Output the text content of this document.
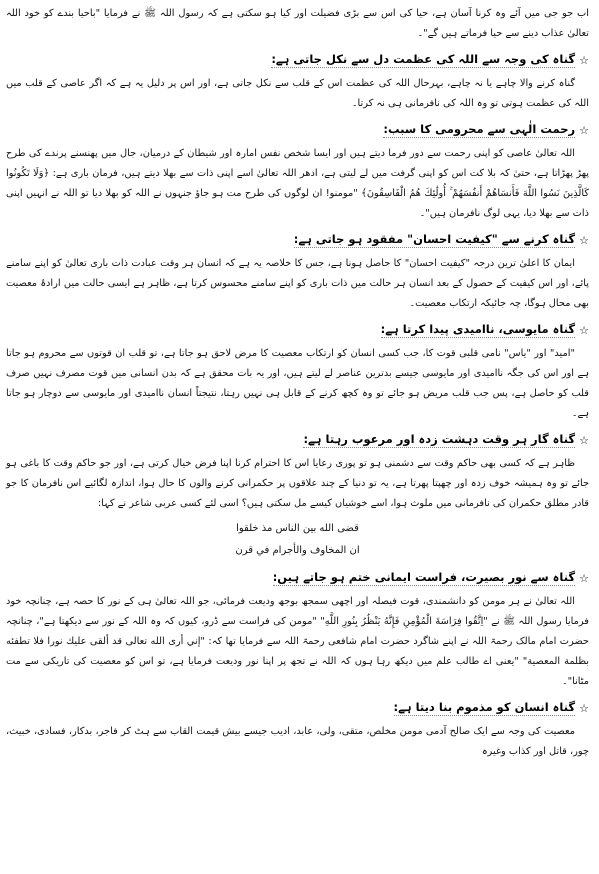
اب جو جی میں آئے وہ کرنا آسان ہے، حیا کی اس سے بڑی فضیلت اور کیا ہو سکتی ہے کہ رسول اللہ ﷺ نے فرمایا "باحیا بندے کو خود اللہ تعالیٰ عذاب دینے سے حیا فرماتے ہیں گے"۔

☆
گناہ کی وجہ سے اللہ کی عظمت دل سے نکل جاتی ہے:

گناہ کرنے والا چاہے یا نہ چاہے، بہرحال اللہ کی عظمت اس کے قلب سے نکل جاتی ہے، اور اس پر دلیل یہ ہے کہ اگر عاصی کے قلب میں اللہ کی عظمت ہوتی تو وہ اللہ کی نافرمانی ہی نہ کرتا۔

☆
رحمت الٰہی سے محرومی کا سبب:

اللہ تعالیٰ عاصی کو اپنی رحمت سے دور فرما دیتے ہیں اور ایسا شخص نفس امارہ اور شیطان کے درمیان، جال میں پھنسنے پرندے کی طرح پھڑ پھڑاتا ہے، حتیٰ کہ بلا کت اس کو اپنی گرفت میں لے لیتی ہے، ادھر اللہ تعالیٰ اسے اپنی ذات سے بھلا دیتے ہیں، فرمان باری ہے: ﴿وَلَا تَكُونُوا كَالَّذِينَ نَسُوا اللَّهَ فَأَنسَاهُمْ أَنفُسَهُمْ ۚ أُولَٰئِكَ هُمُ الْفَاسِقُونَ﴾ "مومنو! ان لوگوں کی طرح مت ہو جاؤ جنہوں نے اللہ کو بھلا دیا تو اللہ نے انہیں اپنی ذات سے بھلا دیا، یہی لوگ نافرمان ہیں"۔

☆
گناہ کرنے سے "کیفیت احسان" مفقود ہو جاتی ہے:

ایمان کا اعلیٰ ترین درجہ "کیفیت احسان" کا حاصل ہونا ہے، جس کا خلاصہ یہ ہے کہ انسان ہر وقت عبادت ذات باری تعالیٰ کو اپنے سامنے پائے، اور اس کیفیت کے حصول کے بعد انسان ہر حالت میں ذات باری کو اپنے سامنے محسوس کرتا ہے، ظاہر ہے ایسی حالت میں ارادۂ معصیت بھی محال ہوگا، چہ جائیکہ ارتکاب معصیت۔

☆
گناہ مایوسی، ناامیدی پیدا کرتا ہے:

"امید" اور "یاس" نامی قلبی قوت کا، جب کسی انسان کو ارتکاب معصیت کا مرض لاحق ہو جاتا ہے، تو قلب ان قوتوں سے محروم ہو جاتا ہے اور اس کی جگہ ناامیدی اور مایوسی جیسے بدترین عناصر لے لیتے ہیں، اور یہ بات محقق ہے کہ بدن انسانی میں قوت مصرف نہیں صرف قلب کو حاصل ہے، پس جب قلب مریض ہو جائے تو وہ کچھ کرنے کے قابل ہی نہیں رہتا، نتیجتاً انسان ناامیدی اور مایوسی سے دوچار ہو جاتا ہے۔

☆
گناہ گار ہر وقت دہشت زدہ اور مرعوب رہتا ہے:

ظاہر ہے کہ کسی بھی حاکم وقت سے دشمنی ہو تو پوری رعایا اس کا احترام کرنا اپنا فرض خیال کرتی ہے، اور جو حاکم وقت کا باغی ہو جائے تو وہ ہمیشہ خوف زدہ اور چھپتا پھرتا ہے، یہ تو دنیا کے چند علاقوں پر حکمرانی کرنے والوں کا حال ہوا، اندازہ لگائیے اس نافرمان کا جو قادر مطلق حکمران کی نافرمانی میں ملوث ہوا، اسے خوشیاں کیسے مل سکتی ہیں؟ اسی لئے کسی عربی شاعر نے کہا:

قضى الله بين الناس مذ خلقوا
ان المخاوف والأجرام في قرن
☆
گناہ سے نور بصیرت، فراست ایمانی ختم ہو جاتے ہیں:

اللہ تعالیٰ نے ہر مومن کو دانشمندی، قوت فیصلہ اور اچھی سمجھ بوجھ ودیعت فرمائی، جو اللہ تعالیٰ ہی کے نور کا حصہ ہے، چنانچہ خود فرمایا رسول اللہ ﷺ نے "اِتَّقُوا فِرَاسَةَ الْمُؤْمِنِ فَإِنَّهُ يَنْظُرُ بِنُورِ اللَّهِ" "مومن کی فراست سے ڈرو، کیوں کہ وہ اللہ کے نور سے دیکھتا ہے"، چنانچہ حضرت امام مالک رحمۃ اللہ نے اپنے شاگرد حضرت امام شافعی رحمۃ اللہ سے فرمایا تھا کہ: "إني أرى الله تعالى قد ألقى عليك نورا فلا تطفئه بظلمة المعصية" "یعنی اے طالب علم میں دیکھ رہا ہوں کہ اللہ نے تجھ پر اپنا نور ودیعت فرمایا ہے، تو اس کو معصیت کی تاریکی سے مت مٹانا"۔

☆
گناہ انسان کو مذموم بنا دیتا ہے:

معصیت کی وجہ سے ایک صالح آدمی مومن مخلص، متقی، ولی، عابد، ادیب جیسے بیش قیمت القاب سے ہٹ کر فاجر، بدکار، فسادی، خبیث، چور، قاتل اور کذاب وغیرہ
